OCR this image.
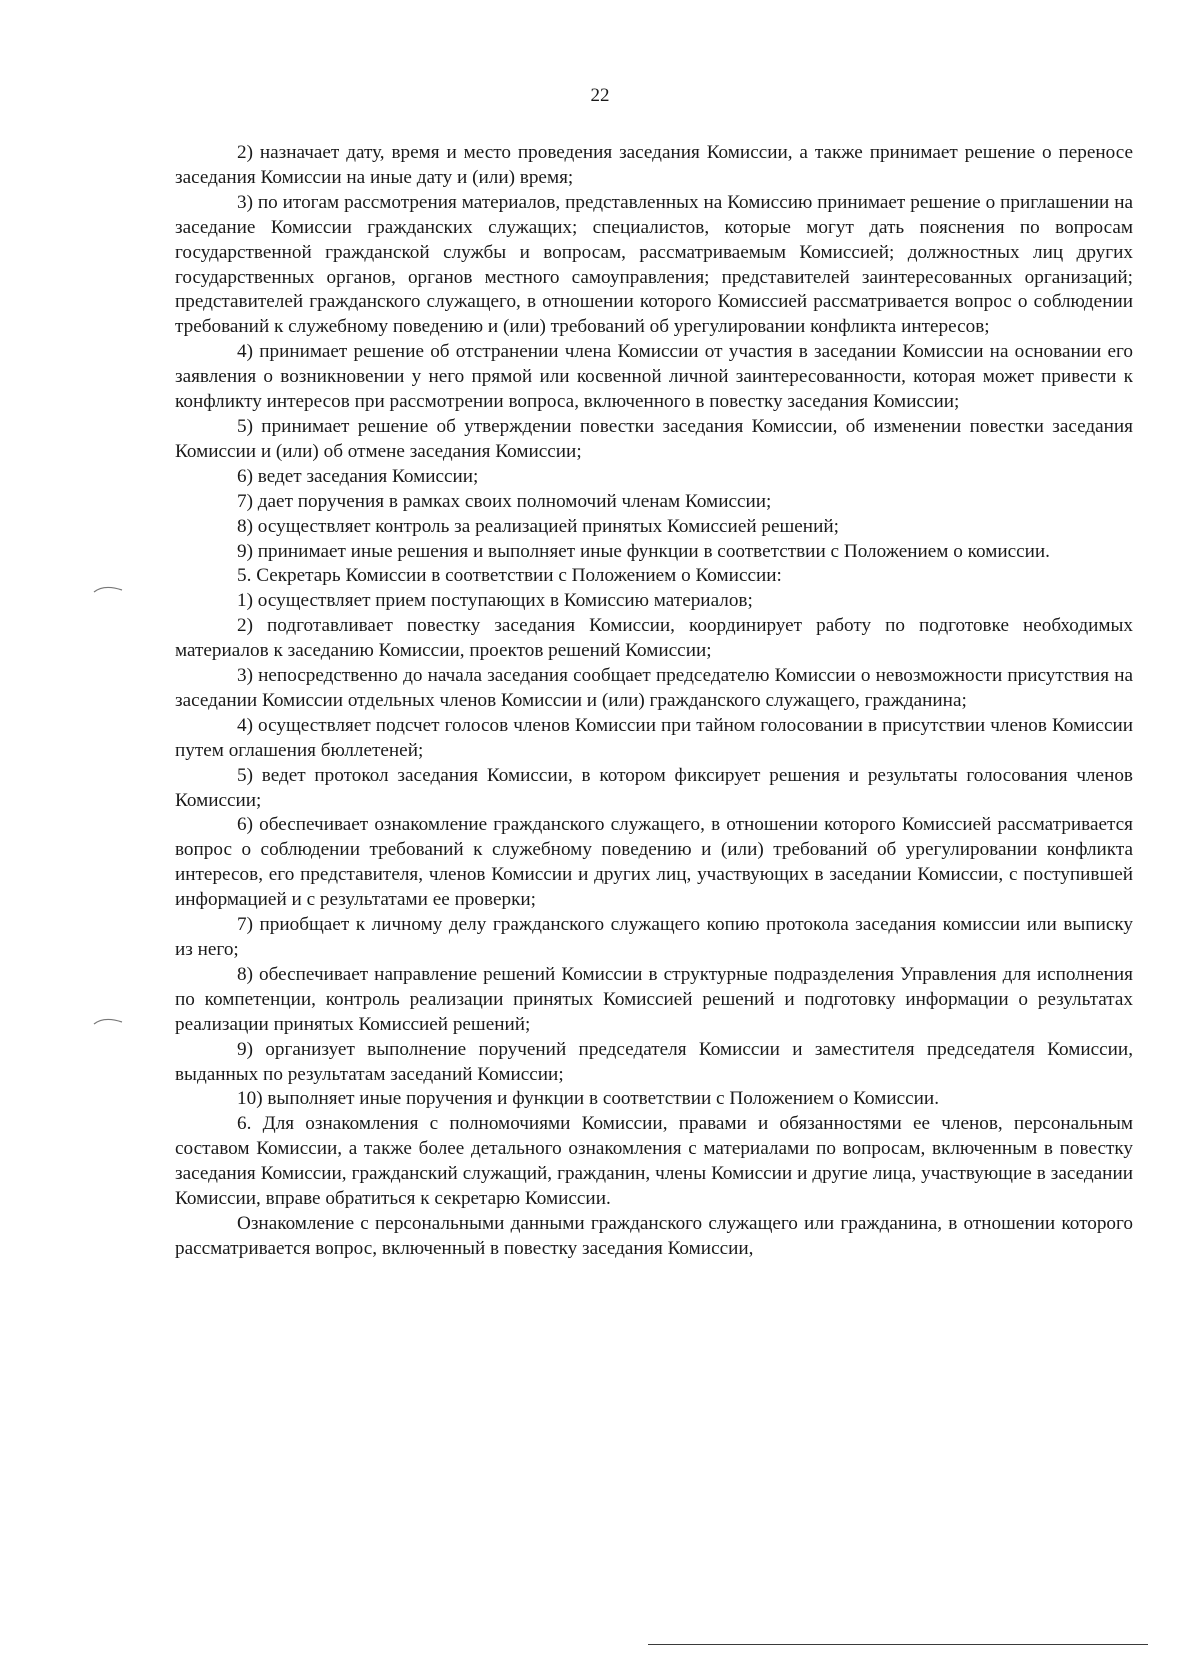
22

2) назначает дату, время и место проведения заседания Комиссии, а также принимает решение о переносе заседания Комиссии на иные дату и (или) время;

3) по итогам рассмотрения материалов, представленных на Комиссию принимает решение о приглашении на заседание Комиссии гражданских служащих; специалистов, которые могут дать пояснения по вопросам государственной гражданской службы и вопросам, рассматриваемым Комиссией; должностных лиц других государственных органов, органов местного самоуправления; представителей заинтересованных организаций; представителей гражданского служащего, в отношении которого Комиссией рассматривается вопрос о соблюдении требований к служебному поведению и (или) требований об урегулировании конфликта интересов;

4) принимает решение об отстранении члена Комиссии от участия в заседании Комиссии на основании его заявления о возникновении у него прямой или косвенной личной заинтересованности, которая может привести к конфликту интересов при рассмотрении вопроса, включенного в повестку заседания Комиссии;

5) принимает решение об утверждении повестки заседания Комиссии, об изменении повестки заседания Комиссии и (или) об отмене заседания Комиссии;

6) ведет заседания Комиссии;

7) дает поручения в рамках своих полномочий членам Комиссии;

8) осуществляет контроль за реализацией принятых Комиссией решений;

9) принимает иные решения и выполняет иные функции в соответствии с Положением о комиссии.

5. Секретарь Комиссии в соответствии с Положением о Комиссии:

1) осуществляет прием поступающих в Комиссию материалов;

2) подготавливает повестку заседания Комиссии, координирует работу по подготовке необходимых материалов к заседанию Комиссии, проектов решений Комиссии;

3) непосредственно до начала заседания сообщает председателю Комиссии о невозможности присутствия на заседании Комиссии отдельных членов Комиссии и (или) гражданского служащего, гражданина;

4) осуществляет подсчет голосов членов Комиссии при тайном голосовании в присутствии членов Комиссии путем оглашения бюллетеней;

5) ведет протокол заседания Комиссии, в котором фиксирует решения и результаты голосования членов Комиссии;

6) обеспечивает ознакомление гражданского служащего, в отношении которого Комиссией рассматривается вопрос о соблюдении требований к служебному поведению и (или) требований об урегулировании конфликта интересов, его представителя, членов Комиссии и других лиц, участвующих в заседании Комиссии, с поступившей информацией и с результатами ее проверки;

7) приобщает к личному делу гражданского служащего копию протокола заседания комиссии или выписку из него;

8) обеспечивает направление решений Комиссии в структурные подразделения Управления для исполнения по компетенции, контроль реализации принятых Комиссией решений и подготовку информации о результатах реализации принятых Комиссией решений;

9) организует выполнение поручений председателя Комиссии и заместителя председателя Комиссии, выданных по результатам заседаний Комиссии;

10) выполняет иные поручения и функции в соответствии с Положением о Комиссии.

6. Для ознакомления с полномочиями Комиссии, правами и обязанностями ее членов, персональным составом Комиссии, а также более детального ознакомления с материалами по вопросам, включенным в повестку заседания Комиссии, гражданский служащий, гражданин, члены Комиссии и другие лица, участвующие в заседании Комиссии, вправе обратиться к секретарю Комиссии.

Ознакомление с персональными данными гражданского служащего или гражданина, в отношении которого рассматривается вопрос, включенный в повестку заседания Комиссии,
